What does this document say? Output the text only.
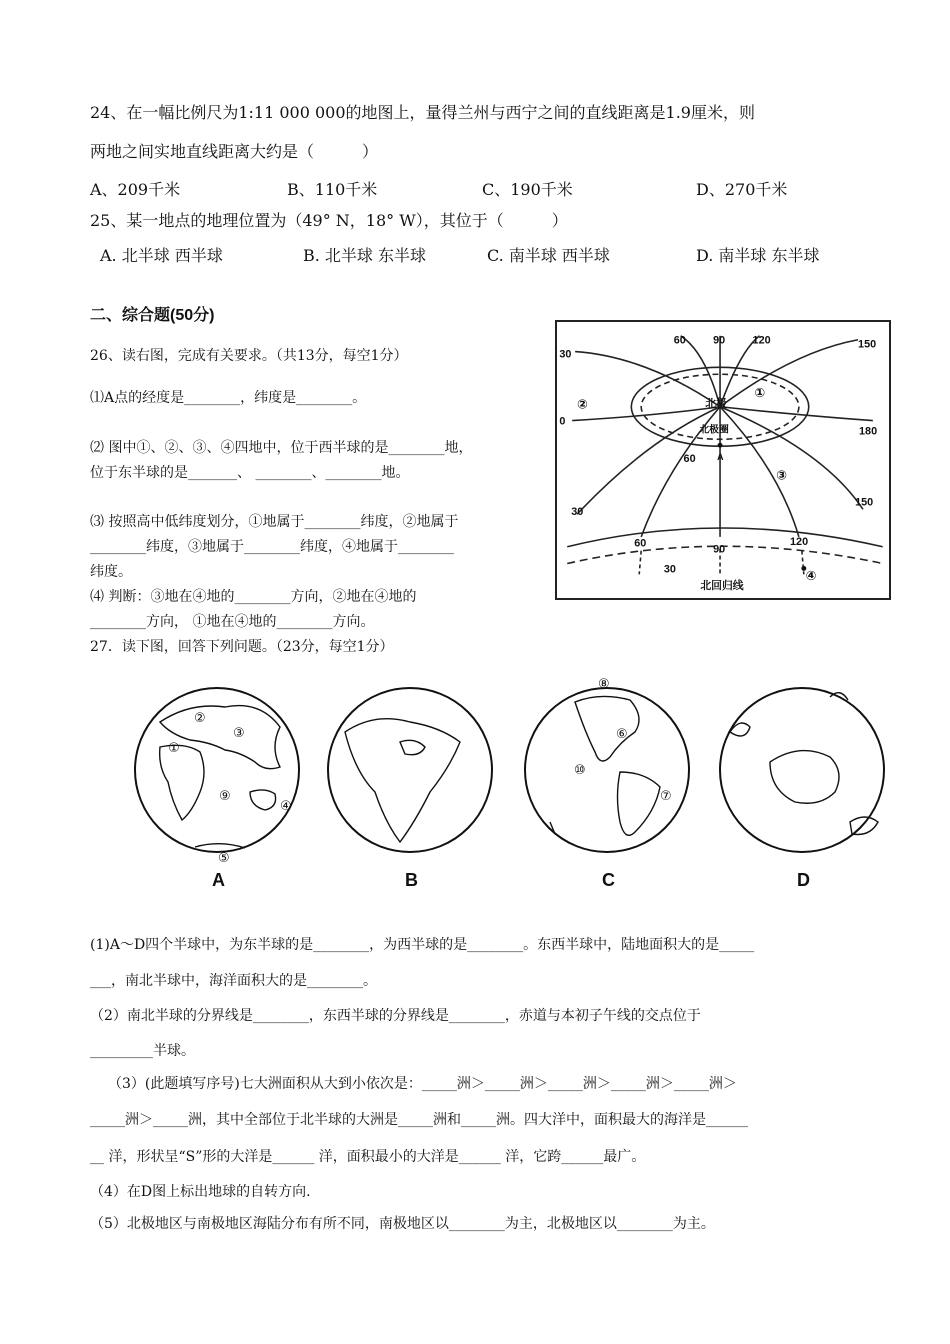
24、在一幅比例尺为1:11 000 000的地图上，量得兰州与西宁之间的直线距离是1.9厘米，则
两地之间实地直线距离大约是（　　　）
A、209千米	B、110千米	C、190千米	D、270千米
25、某一地点的地理位置为（49° N，18° W），其位于（　　　）
A. 北半球 西半球	B. 北半球 东半球	C. 南半球 西半球	D. 南半球 东半球
二、综合题(50分)
26、读右图，完成有关要求。（共13分，每空1分）
⑴A点的经度是________，纬度是________。
⑵ 图中①、②、③、④四地中，位于西半球的是________地，
位于东半球的是_______、 ________、________地。
⑶ 按照高中低纬度划分，①地属于________纬度，②地属于
________纬度，③地属于________纬度，④地属于________
纬度。
⑷ 判断：③地在④地的________方向，②地在④地的
________方向， ①地在④地的________方向。
60 90 120	150
30
0
180
60
30
60	90
120
150
30
北极
北极圈
A
北回归线
①
②
③
④
27．读下图，回答下列问题。（23分，每空1分）
①
②
③
④
⑤
⑥
⑦
⑧
⑨
⑩
A	B	C	D
(1)A～D四个半球中，为东半球的是________，为西半球的是________。东西半球中，陆地面积大的是_____
___，南北半球中，海洋面积大的是________。
（2）南北半球的分界线是________，东西半球的分界线是________，赤道与本初子午线的交点位于
_________半球。
（3）(此题填写序号)七大洲面积从大到小依次是：_____洲＞_____洲＞_____洲＞_____洲＞_____洲＞
_____洲＞_____洲，其中全部位于北半球的大洲是_____洲和_____洲。四大洋中，面积最大的海洋是______
__ 洋，形状呈“S”形的大洋是______ 洋，面积最小的大洋是______ 洋，它跨______最广。
（4）在D图上标出地球的自转方向.
（5）北极地区与南极地区海陆分布有所不同，南极地区以________为主，北极地区以________为主。
